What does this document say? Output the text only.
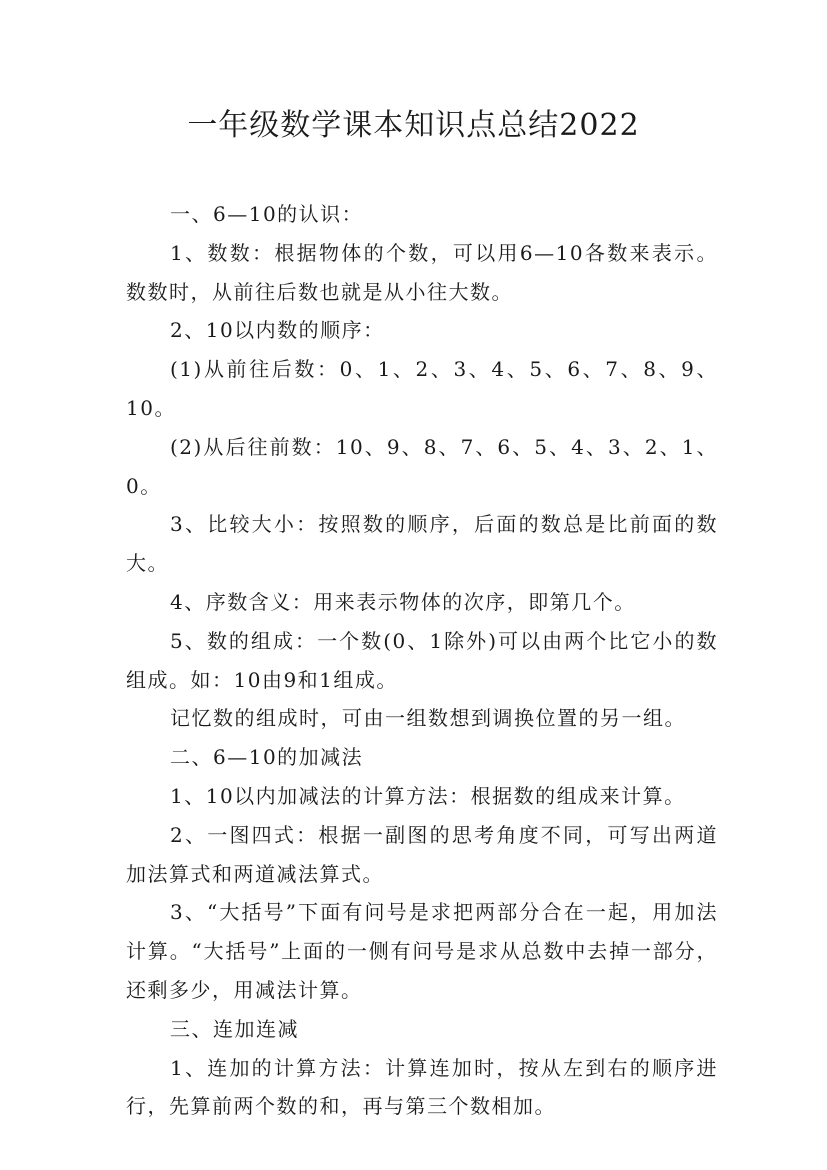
一年级数学课本知识点总结2022

一、6—10的认识：

1、数数：根据物体的个数，可以用6—10各数来表示。数数时，从前往后数也就是从小往大数。

2、10以内数的顺序：

(1)从前往后数：0、1、2、3、4、5、6、7、8、9、10。

(2)从后往前数：10、9、8、7、6、5、4、3、2、1、0。

3、比较大小：按照数的顺序，后面的数总是比前面的数大。

4、序数含义：用来表示物体的次序，即第几个。

5、数的组成：一个数(0、1除外)可以由两个比它小的数组成。如：10由9和1组成。

记忆数的组成时，可由一组数想到调换位置的另一组。

二、6—10的加减法

1、10以内加减法的计算方法：根据数的组成来计算。

2、一图四式：根据一副图的思考角度不同，可写出两道加法算式和两道减法算式。

3、“大括号”下面有问号是求把两部分合在一起，用加法计算。“大括号”上面的一侧有问号是求从总数中去掉一部分，还剩多少，用减法计算。

三、连加连减

1、连加的计算方法：计算连加时，按从左到右的顺序进行，先算前两个数的和，再与第三个数相加。
